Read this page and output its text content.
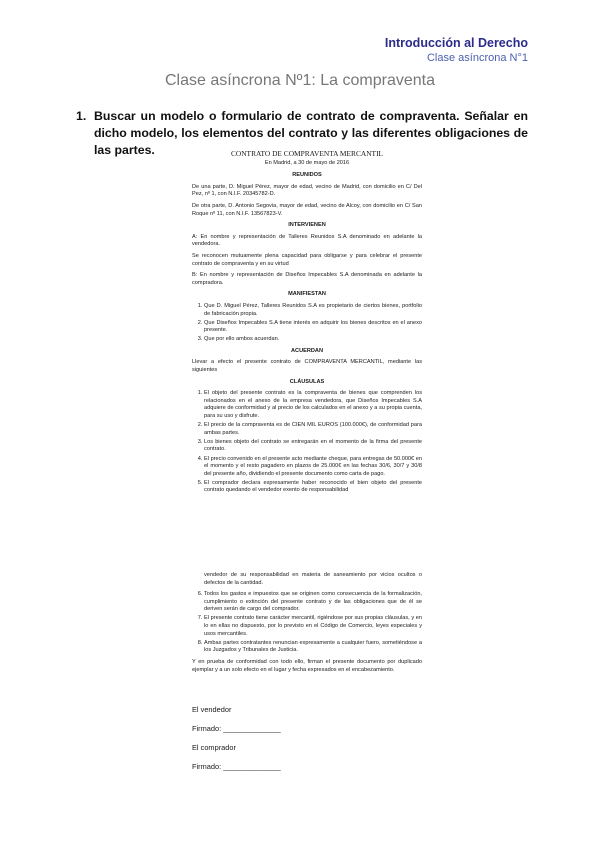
Introducción al Derecho
Clase asíncrona N°1
Clase asíncrona Nº1: La compraventa
1. Buscar un modelo o formulario de contrato de compraventa. Señalar en dicho modelo, los elementos del contrato y las diferentes obligaciones de las partes.	CONTRATO DE COMPRAVENTA MERCANTIL
En Madrid, a 30 de mayo de 2016

REUNIDOS

De una parte, D. Miguel Pérez, mayor de edad, vecino de Madrid, con domicilio en C/ Del Pez, nº 1, con N.I.F. 20345782-D.

De otra parte, D. Antonio Segovia, mayor de edad, vecino de Alcoy, con domicilio en C/ San Roque nº 11, con N.I.F. 13567823-V.

INTERVIENEN

A: En nombre y representación de Talleres Reunidos S.A denominado en adelante la vendedora.

Se reconocen mutuamente plena capacidad para obligarse y para celebrar el presente contrato de compraventa y en su virtud

B: En nombre y representación de Diseños Impecables S.A denominada en adelante la compradora.

MANIFIESTAN

1. Que D. Miguel Pérez, Talleres Reunidos S.A es propietario de ciertos bienes, portfolio de fabricación propia.
2. Que Diseños Impecables S.A tiene interés en adquirir los bienes descritos en el anexo presente.
3. Que por ello ambos acuerdan.

ACUERDAN

Llevar a efecto el presente contrato de COMPRAVENTA MERCANTIL, mediante las siguientes

CLÁUSULAS

1. El objeto del presente contrato es la compraventa de bienes que comprenden los relacionados en el anexo de la empresa vendedora, que Diseños Impecables S.A adquiere de conformidad y al precio de los calculados en el anexo y a su propia cuenta, para su uso y disfrute.
2. El precio de la compraventa es de CIEN MIL EUROS (100.000€), de conformidad para ambas partes.
3. Los bienes objeto del contrato se entregarán en el momento de la firma del presente contrato.
4. El precio convenido en el presente acto mediante cheque, para entregas de 50.000€ en el momento y el resto pagadero en plazos de 25.000€ en las fechas 30/6, 30/7 y 30/8 del presente año, dividiendo el presente documento como carta de pago.
5. El comprador declara expresamente haber reconocido el bien objeto del presente contrato quedando el vendedor exento de responsabilidad

vendedor de su responsabilidad en materia de saneamiento por vicios ocultos o defectos de la cantidad.

6. Todos los gastos e impuestos que se originen como consecuencia de la formalización, cumplimiento o extinción del presente contrato y de las obligaciones que de él se deriven serán de cargo del comprador.
7. El presente contrato tiene carácter mercantil, rigiéndose por sus propias cláusulas, y en lo en ellas no dispuesto, por lo previsto en el Código de Comercio, leyes especiales y usos mercantiles.
8. Ambas partes contratantes renuncian expresamente a cualquier fuero, sometiéndose a los Juzgados y Tribunales de Justicia.

Y en prueba de conformidad con todo ello, firman el presente documento por duplicado ejemplar y a un solo efecto en el lugar y fecha expresados en el encabezamiento.

El vendedor
Firmado: ______________
El comprador
Firmado: ______________
